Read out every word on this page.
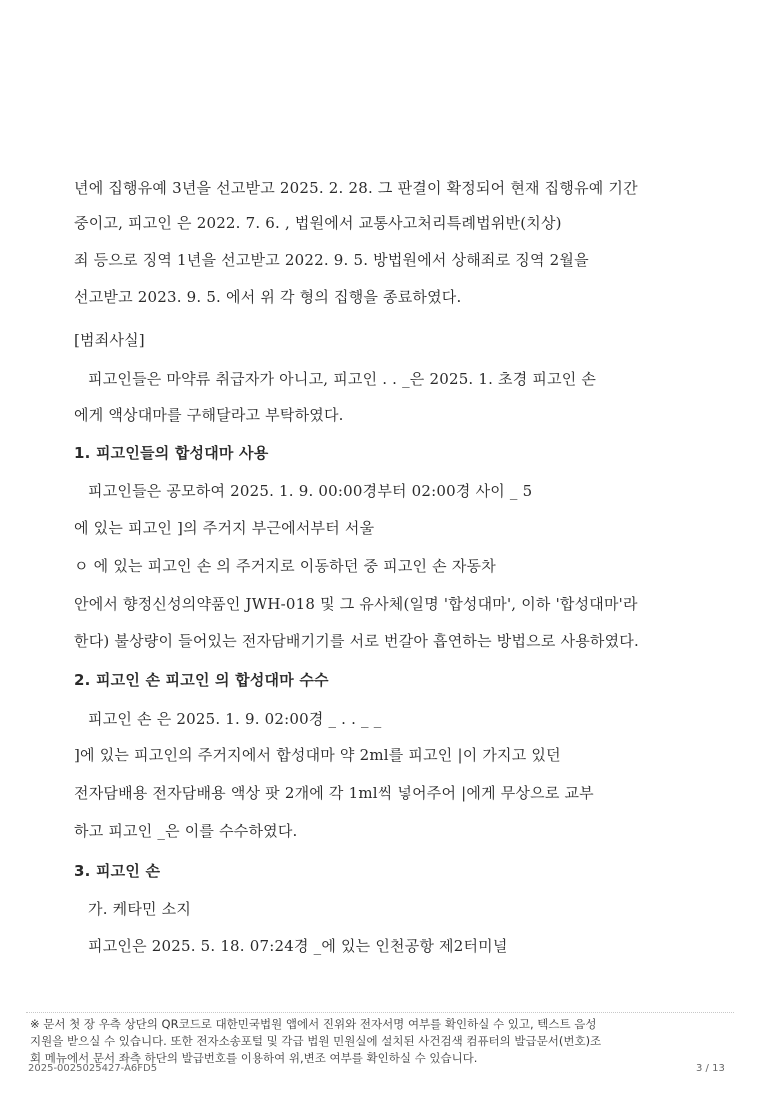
년에 집행유예 3년을 선고받고 2025. 2. 28. 그 판결이 확정되어 현재 집행유예 기간
중이고, 피고인 은 2022. 7. 6. , 법원에서 교통사고처리특례법위반(치상)
죄 등으로 징역 1년을 선고받고 2022. 9. 5. 방법원에서 상해죄로 징역 2월을
선고받고 2023. 9. 5. 에서 위 각 형의 집행을 종료하였다.
[범죄사실]
피고인들은 마약류 취급자가 아니고, 피고인 . . _은 2025. 1. 초경 피고인 손
에게 액상대마를 구해달라고 부탁하였다.
1. 피고인들의 합성대마 사용
피고인들은 공모하여 2025. 1. 9. 00:00경부터 02:00경 사이 _ 5
에 있는 피고인 ]의 주거지 부근에서부터 서울
ㅇ 에 있는 피고인 손 의 주거지로 이동하던 중 피고인 손 자동차
안에서 향정신성의약품인 JWH-018 및 그 유사체(일명 '합성대마', 이하 '합성대마'라
한다) 불상량이 들어있는 전자담배기기를 서로 번갈아 흡연하는 방법으로 사용하였다.
2. 피고인 손 피고인 의 합성대마 수수
피고인 손 은 2025. 1. 9. 02:00경 _ . . _ _
]에 있는 피고인의 주거지에서 합성대마 약 2ml를 피고인 |이 가지고 있던
전자담배용 전자담배용 액상 팟 2개에 각 1ml씩 넣어주어 |에게 무상으로 교부
하고 피고인 _은 이를 수수하였다.
3. 피고인 손
가. 케타민 소지
피고인은 2025. 5. 18. 07:24경 _에 있는 인천공항 제2터미널
※ 문서 첫 장 우측 상단의 QR코드로 대한민국법원 앱에서 진위와 전자서명 여부를 확인하실 수 있고, 텍스트 음성
지원을 받으실 수 있습니다. 또한 전자소송포털 및 각급 법원 민원실에 설치된 사건검색 컴퓨터의 발급문서(번호)조
회 메뉴에서 문서 좌측 하단의 발급번호를 이용하여 위,변조 여부를 확인하실 수 있습니다.
2025-0025025427-A6FD5	3 / 13
